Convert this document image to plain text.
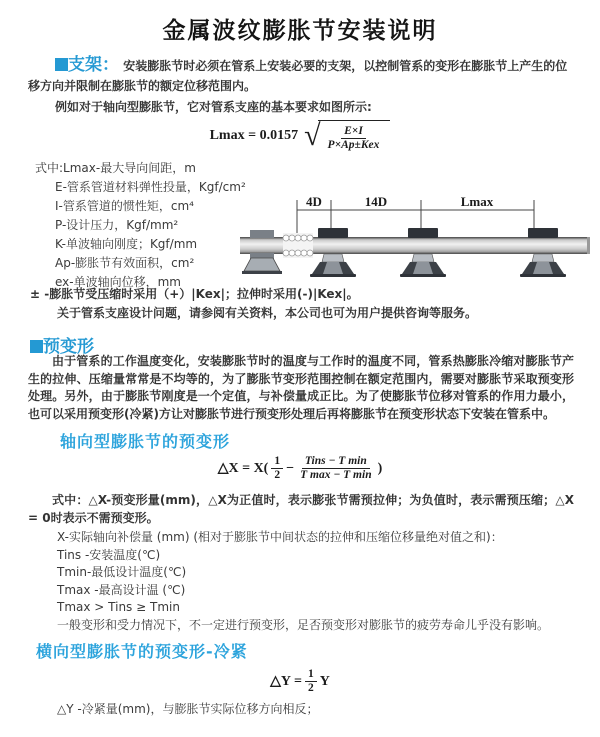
金属波纹膨胀节安装说明
支架： 安装膨胀节时必须在管系上安装必要的支架，以控制管系的变形在膨胀节上产生的位移方向并限制在膨胀节的额定位移范围内。
例如对于轴向型膨胀节，它对管系支座的基本要求如图所示:
Lmax = 0.0157 √ $\frac{E\times I}{\text{P×Ap±Kex}}$
式中:Lmax-最大导向间距，m
E-管系管道材料弹性投量，Kgf/cm²
I-管系管道的惯性矩，cm⁴
P-设计压力，Kgf/mm²
K-单波轴向刚度；Kgf/mm
Ap-膨胀节有效面积，cm²
ex-单波轴向位移，mm
4D	14D	Lmax
± -膨胀节受压缩时采用（+）|Kex|；拉伸时采用(-)|Kex|。
关于管系支座设计问题，请参阅有关资料，本公司也可为用户提供咨询等服务。
预变形
由于管系的工作温度变化，安装膨胀节时的温度与工作时的温度不同，管系热膨胀冷缩对膨胀节产生的拉伸、压缩量常常是不均等的，为了膨胀节变形范围控制在额定范围内，需要对膨胀节采取预变形处理。另外，由于膨胀节刚度是一个定值，与补偿量成正比。为了使膨胀节位移对管系的作用力最小，也可以采用预变形(冷紧)方让对膨胀节进行预变形处理后再将膨胀节在预变形状态下安装在管系中。
轴向型膨胀节的预变形
△X = $X( \frac{1}{2} - \frac{\text{Tins − T min}}{\text{T max − T min}}$ )
式中：△X-预变形量(mm)，△X为正值时，表示膨张节需预拉伸；为负值时，表示需预压缩；△X = 0时表示不需预变形。
X-实际轴向补偿量 (mm) (相对于膨胀节中间状态的拉伸和压缩位移量绝对值之和)：
Tins -安装温度(℃)
Tmin-最低设计温度(℃)
Tmax -最高设计温 (℃)
Tmax > Tins ≥ Tmin
一般变形和受力情况下，不一定进行预变形，足否预变形对膨胀节的疲劳寿命儿乎没有影响。
横向型膨胀节的预变形-冷紧
△Y = $\frac{1}{2}$ Y
△Y -冷紧量(mm)，与膨胀节实际位移方向相反；
